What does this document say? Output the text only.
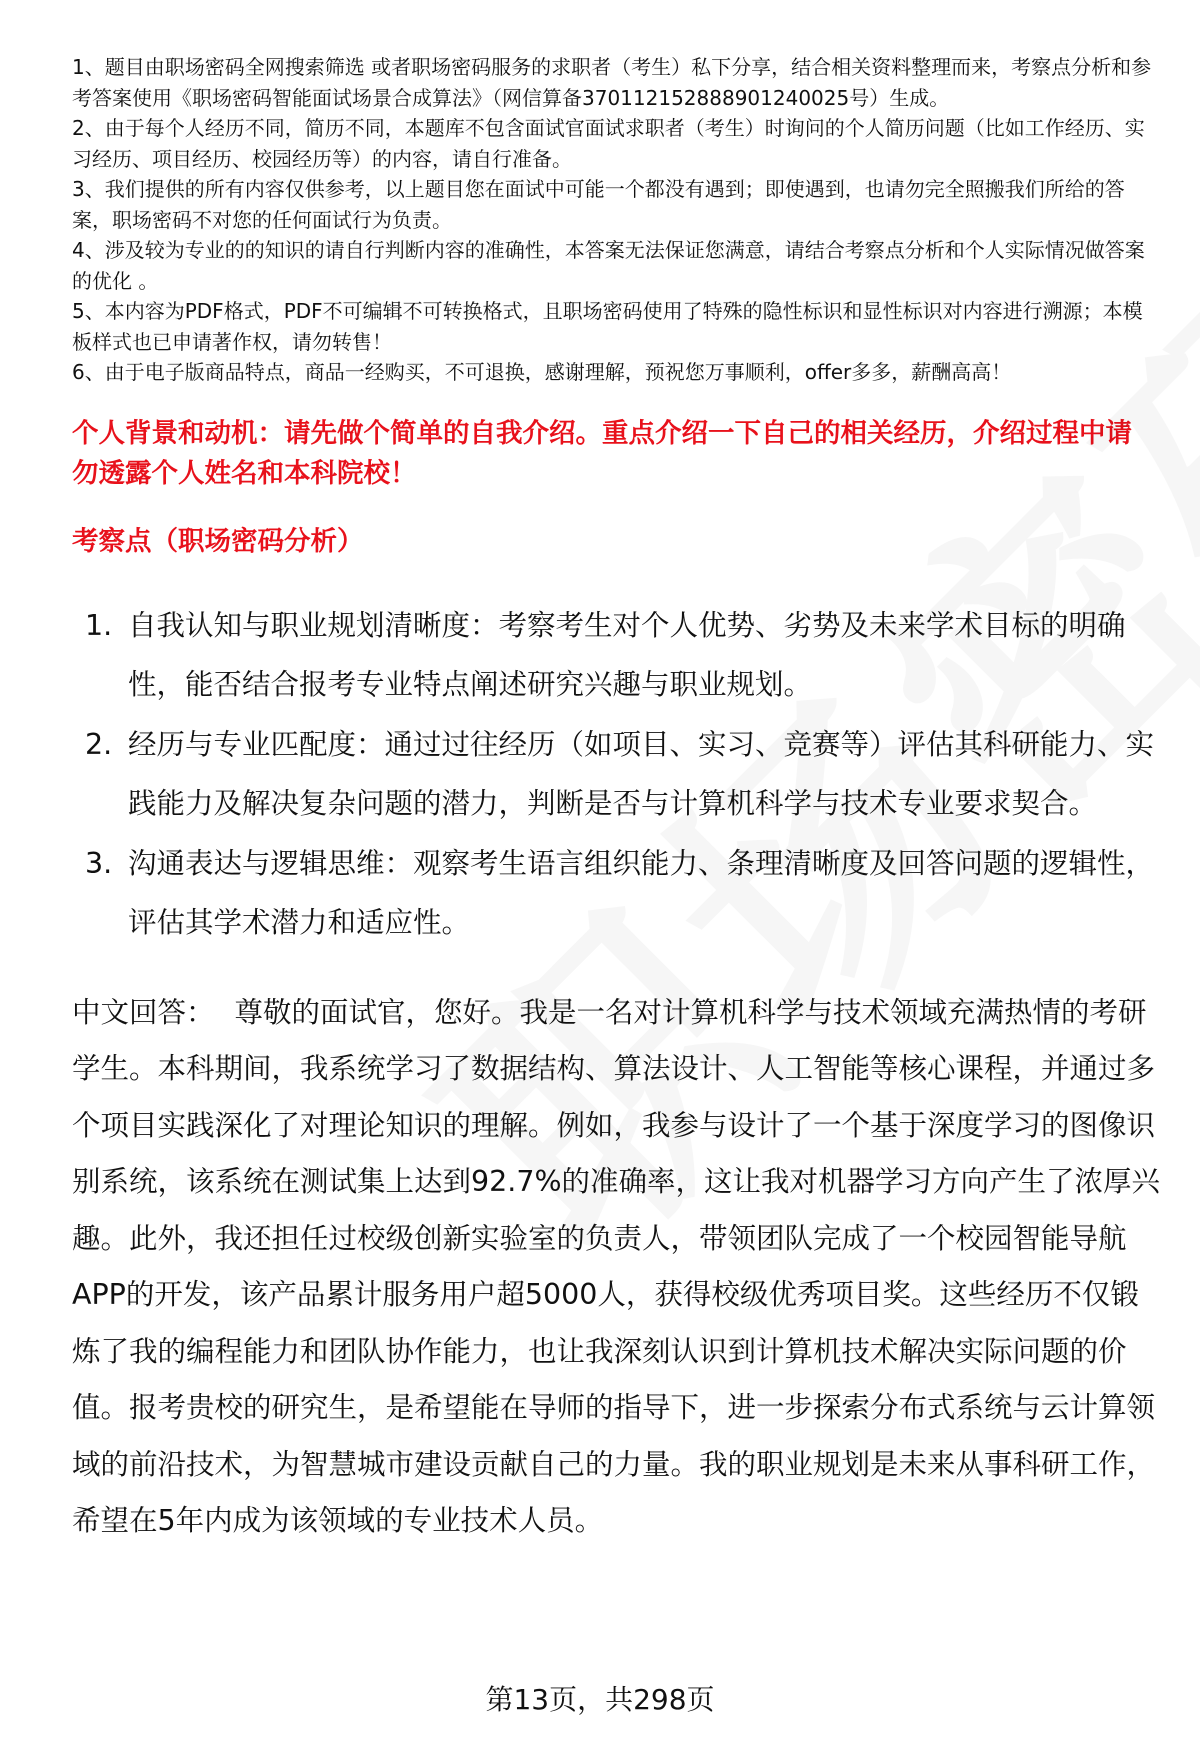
1、题目由职场密码全网搜索筛选 或者职场密码服务的求职者（考生）私下分享，结合相关资料整理而来，考察点分析和参考答案使用《职场密码智能面试场景合成算法》（网信算备370112152888901240025号）生成。
2、由于每个人经历不同，简历不同，本题库不包含面试官面试求职者（考生）时询问的个人简历问题（比如工作经历、实习经历、项目经历、校园经历等）的内容，请自行准备。
3、我们提供的所有内容仅供参考，以上题目您在面试中可能一个都没有遇到；即使遇到，也请勿完全照搬我们所给的答案，职场密码不对您的任何面试行为负责。
4、涉及较为专业的的知识的请自行判断内容的准确性，本答案无法保证您满意，请结合考察点分析和个人实际情况做答案的优化 。
5、本内容为PDF格式，PDF不可编辑不可转换格式，且职场密码使用了特殊的隐性标识和显性标识对内容进行溯源；本模板样式也已申请著作权，请勿转售！
6、由于电子版商品特点，商品一经购买，不可退换，感谢理解，预祝您万事顺利，offer多多，薪酬高高！
个人背景和动机：请先做个简单的自我介绍。重点介绍一下自己的相关经历，介绍过程中请勿透露个人姓名和本科院校！
考察点（职场密码分析）
1. 自我认知与职业规划清晰度：考察考生对个人优势、劣势及未来学术目标的明确性，能否结合报考专业特点阐述研究兴趣与职业规划。
2. 经历与专业匹配度：通过过往经历（如项目、实习、竞赛等）评估其科研能力、实践能力及解决复杂问题的潜力，判断是否与计算机科学与技术专业要求契合。
3. 沟通表达与逻辑思维：观察考生语言组织能力、条理清晰度及回答问题的逻辑性，评估其学术潜力和适应性。
中文回答： 尊敬的面试官，您好。我是一名对计算机科学与技术领域充满热情的考研学生。本科期间，我系统学习了数据结构、算法设计、人工智能等核心课程，并通过多个项目实践深化了对理论知识的理解。例如，我参与设计了一个基于深度学习的图像识别系统，该系统在测试集上达到92.7%的准确率，这让我对机器学习方向产生了浓厚兴趣。此外，我还担任过校级创新实验室的负责人，带领团队完成了一个校园智能导航APP的开发，该产品累计服务用户超5000人，获得校级优秀项目奖。这些经历不仅锻炼了我的编程能力和团队协作能力，也让我深刻认识到计算机技术解决实际问题的价值。报考贵校的研究生，是希望能在导师的指导下，进一步探索分布式系统与云计算领域的前沿技术，为智慧城市建设贡献自己的力量。我的职业规划是未来从事科研工作，希望在5年内成为该领域的专业技术人员。
第13页，共298页
